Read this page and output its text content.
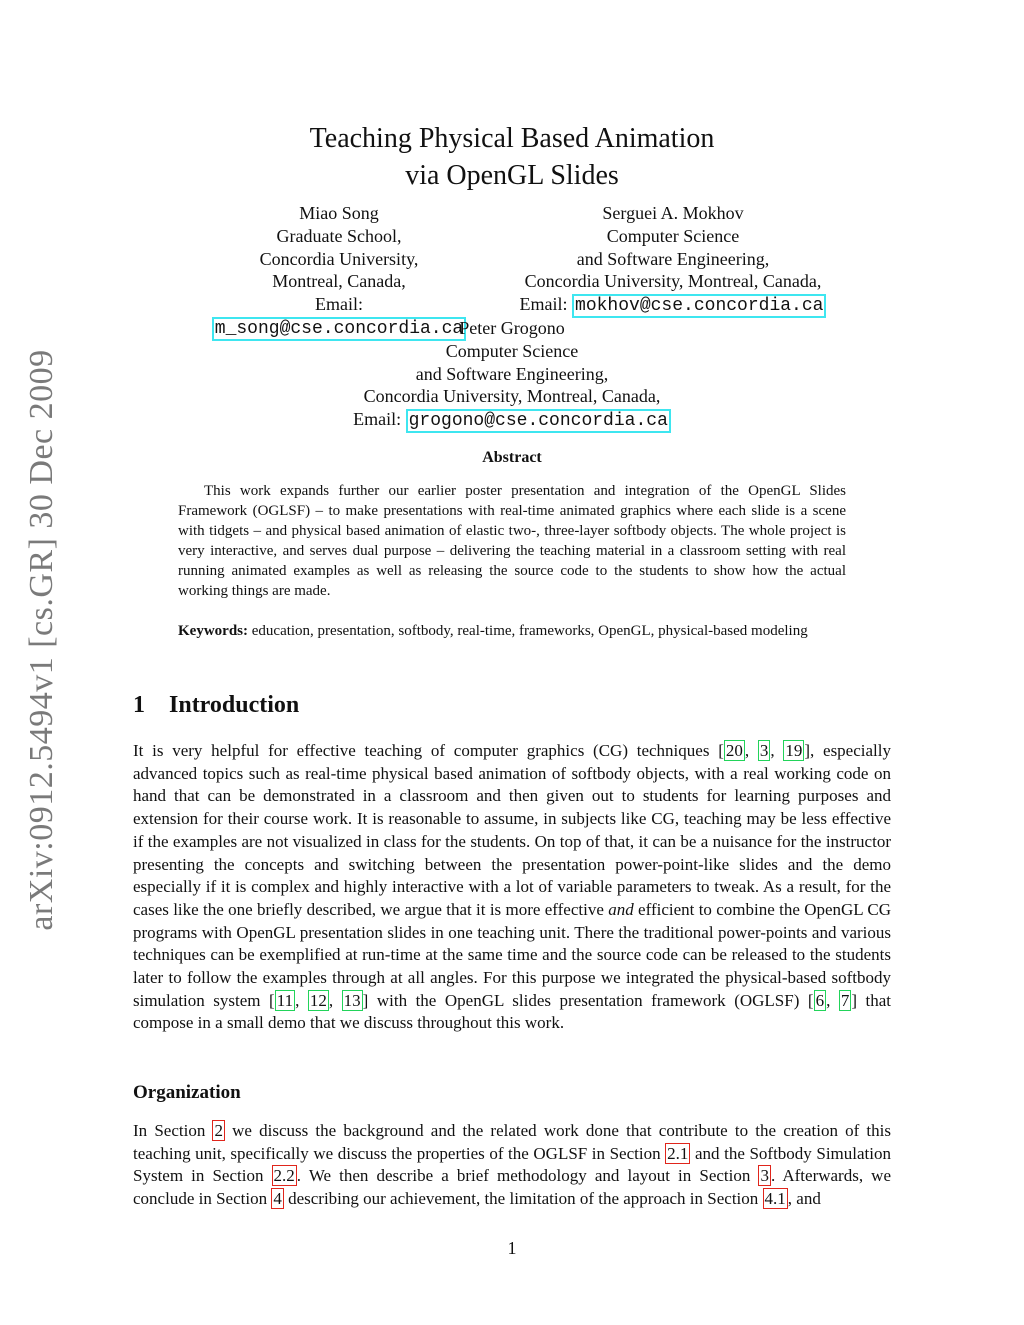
arXiv:0912.5494v1 [cs.GR] 30 Dec 2009
Teaching Physical Based Animation
via OpenGL Slides
Miao Song
Graduate School,
Concordia University,
Montreal, Canada,
Email: m_song@cse.concordia.ca
Serguei A. Mokhov
Computer Science
and Software Engineering,
Concordia University, Montreal, Canada,
Email: mokhov@cse.concordia.ca
Peter Grogono
Computer Science
and Software Engineering,
Concordia University, Montreal, Canada,
Email: grogono@cse.concordia.ca
Abstract

This work expands further our earlier poster presentation and integration of the OpenGL Slides Framework (OGLSF) – to make presentations with real-time animated graphics where each slide is a scene with tidgets – and physical based animation of elastic two-, three-layer softbody objects. The whole project is very interactive, and serves dual purpose – delivering the teaching material in a classroom setting with real running animated examples as well as releasing the source code to the students to show how the actual working things are made.

Keywords: education, presentation, softbody, real-time, frameworks, OpenGL, physical-based modeling
1 Introduction

It is very helpful for effective teaching of computer graphics (CG) techniques [ 20 , 3 , 19 ], especially advanced topics such as real-time physical based animation of softbody objects, with a real working code on hand that can be demonstrated in a classroom and then given out to students for learning purposes and extension for their course work. It is reasonable to assume, in subjects like CG, teaching may be less effective if the examples are not visualized in class for the students. On top of that, it can be a nuisance for the instructor presenting the concepts and switching between the presentation power-point-like slides and the demo especially if it is complex and highly interactive with a lot of variable parameters to tweak. As a result, for the cases like the one briefly described, we argue that it is more effective and efficient to combine the OpenGL CG programs with OpenGL presentation slides in one teaching unit. There the traditional power-points and various techniques can be exemplified at run-time at the same time and the source code can be released to the students later to follow the examples through at all angles. For this purpose we integrated the physical-based softbody simulation system [ 11 , 12 , 13 ] with the OpenGL slides presentation framework (OGLSF) [ 6 , 7 ] that compose in a small demo that we discuss throughout this work.

Organization

In Section 2 we discuss the background and the related work done that contribute to the creation of this teaching unit, specifically we discuss the properties of the OGLSF in Section 2.1 and the Softbody Simulation System in Section 2.2 . We then describe a brief methodology and layout in Section 3 . Afterwards, we conclude in Section 4 describing our achievement, the limitation of the approach in Section 4.1 , and

1
